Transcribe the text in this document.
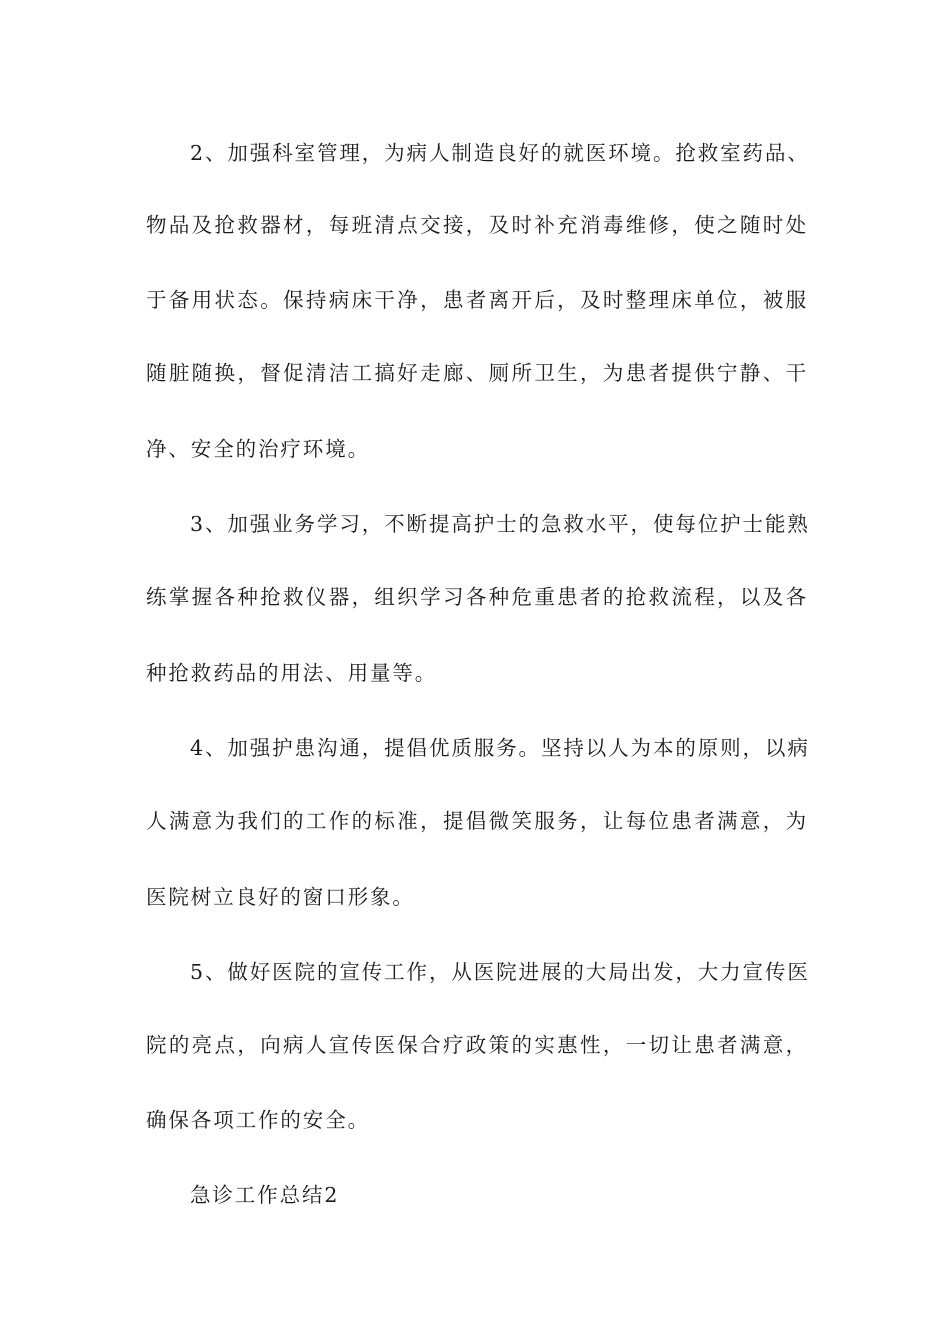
2、加强科室管理，为病人制造良好的就医环境。抢救室药品、
物品及抢救器材，每班清点交接，及时补充消毒维修，使之随时处
于备用状态。保持病床干净，患者离开后，及时整理床单位，被服
随脏随换，督促清洁工搞好走廊、厕所卫生，为患者提供宁静、干
净、安全的治疗环境。
3、加强业务学习，不断提高护士的急救水平，使每位护士能熟
练掌握各种抢救仪器，组织学习各种危重患者的抢救流程，以及各
种抢救药品的用法、用量等。
4、加强护患沟通，提倡优质服务。坚持以人为本的原则，以病
人满意为我们的工作的标准，提倡微笑服务，让每位患者满意，为
医院树立良好的窗口形象。
5、做好医院的宣传工作，从医院进展的大局出发，大力宣传医
院的亮点，向病人宣传医保合疗政策的实惠性，一切让患者满意，
确保各项工作的安全。
急诊工作总结2
